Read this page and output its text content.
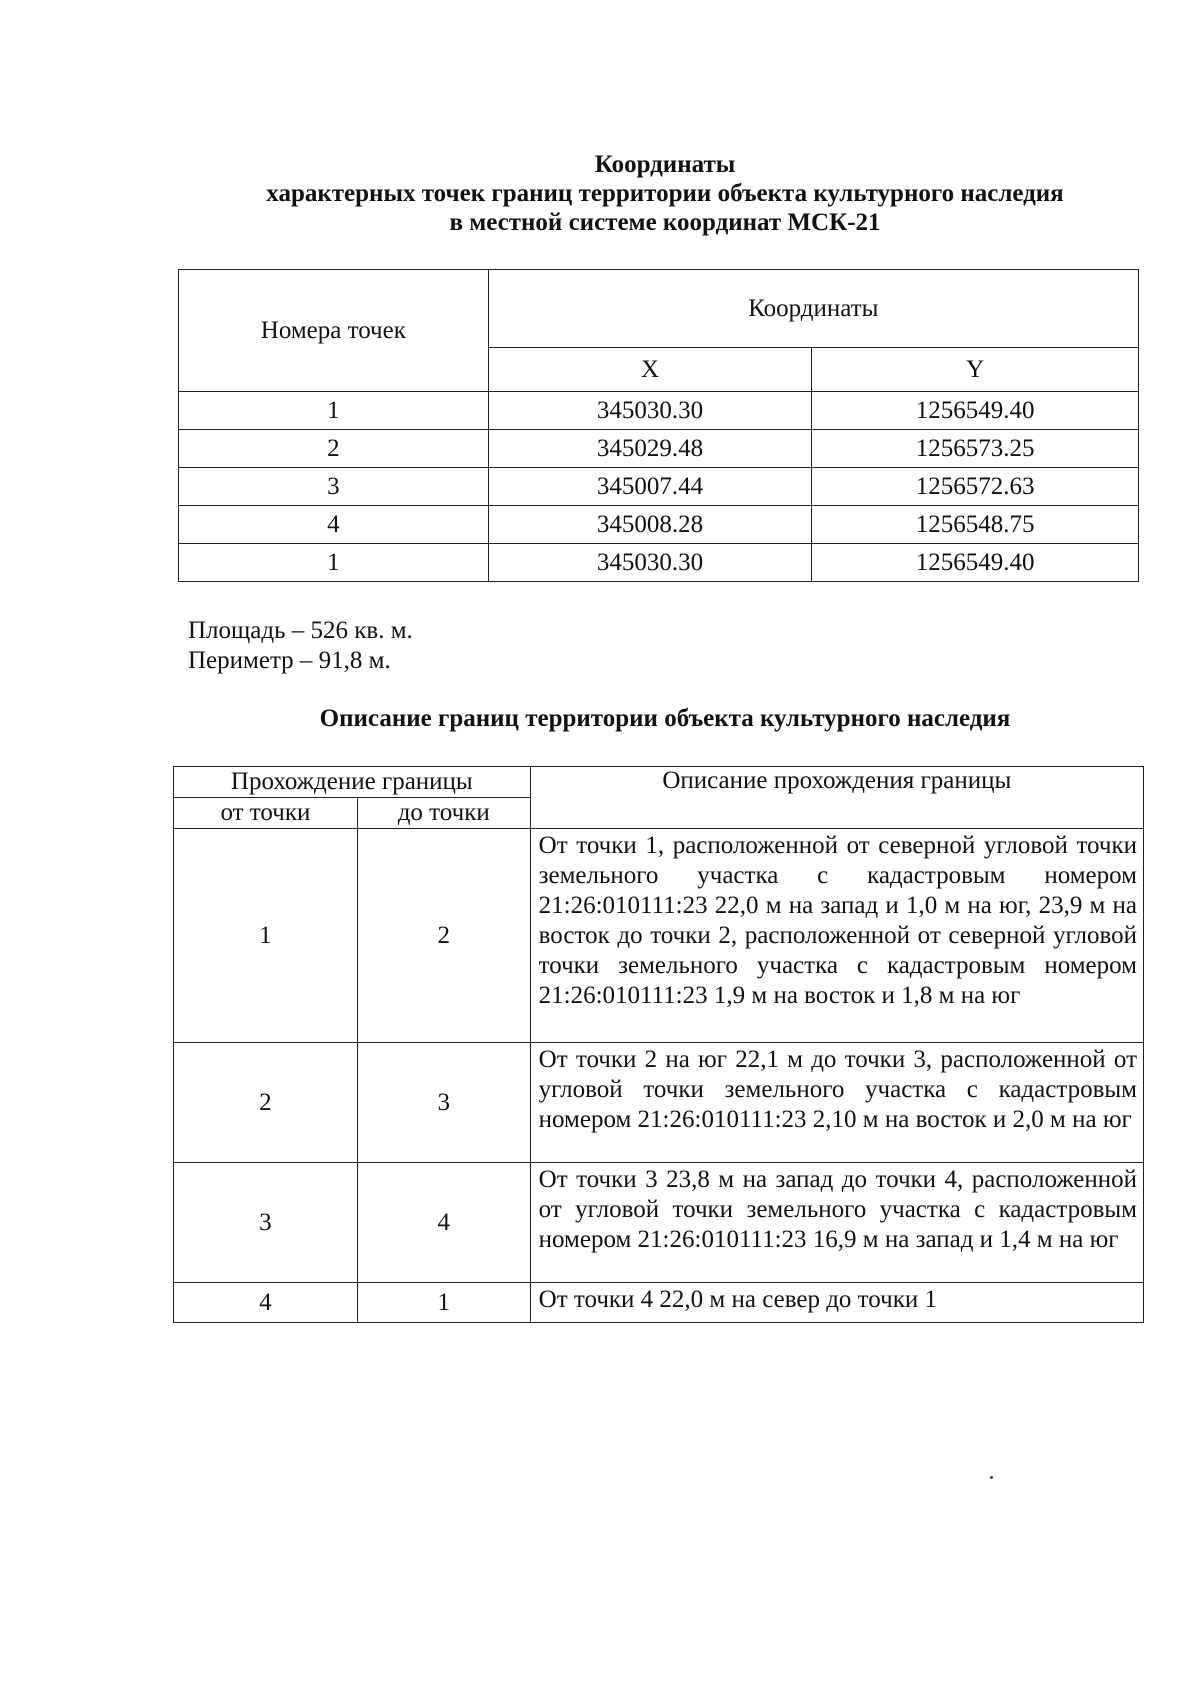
Координаты
характерных точек границ территории объекта культурного наследия
в местной системе координат МСК-21
Номера точек	Координаты	
	X	Y
1	345030.30	1256549.40
2	345029.48	1256573.25
3	345007.44	1256572.63
4	345008.28	1256548.75
1	345030.30	1256549.40
Площадь – 526 кв. м.
Периметр – 91,8 м.
Описание границ территории объекта культурного наследия
Прохождение границы		Описание прохождения границы
от точки	до точки	
1	2	От точки 1, расположенной от северной угловой точки земельного участка с кадастровым номером 21:26:010111:23 22,0 м на запад и 1,0 м на юг, 23,9 м на восток до точки 2, расположенной от северной угловой точки земельного участка с кадастровым номером 21:26:010111:23 1,9 м на восток и 1,8 м на юг
2	3	От точки 2 на юг 22,1 м до точки 3, расположенной от угловой точки земельного участка с кадастровым номером 21:26:010111:23 2,10 м на восток и 2,0 м на юг
3	4	От точки 3 23,8 м на запад до точки 4, расположенной от угловой точки земельного участка с кадастровым номером 21:26:010111:23 16,9 м на запад и 1,4 м на юг
4	1	От точки 4 22,0 м на север до точки 1
